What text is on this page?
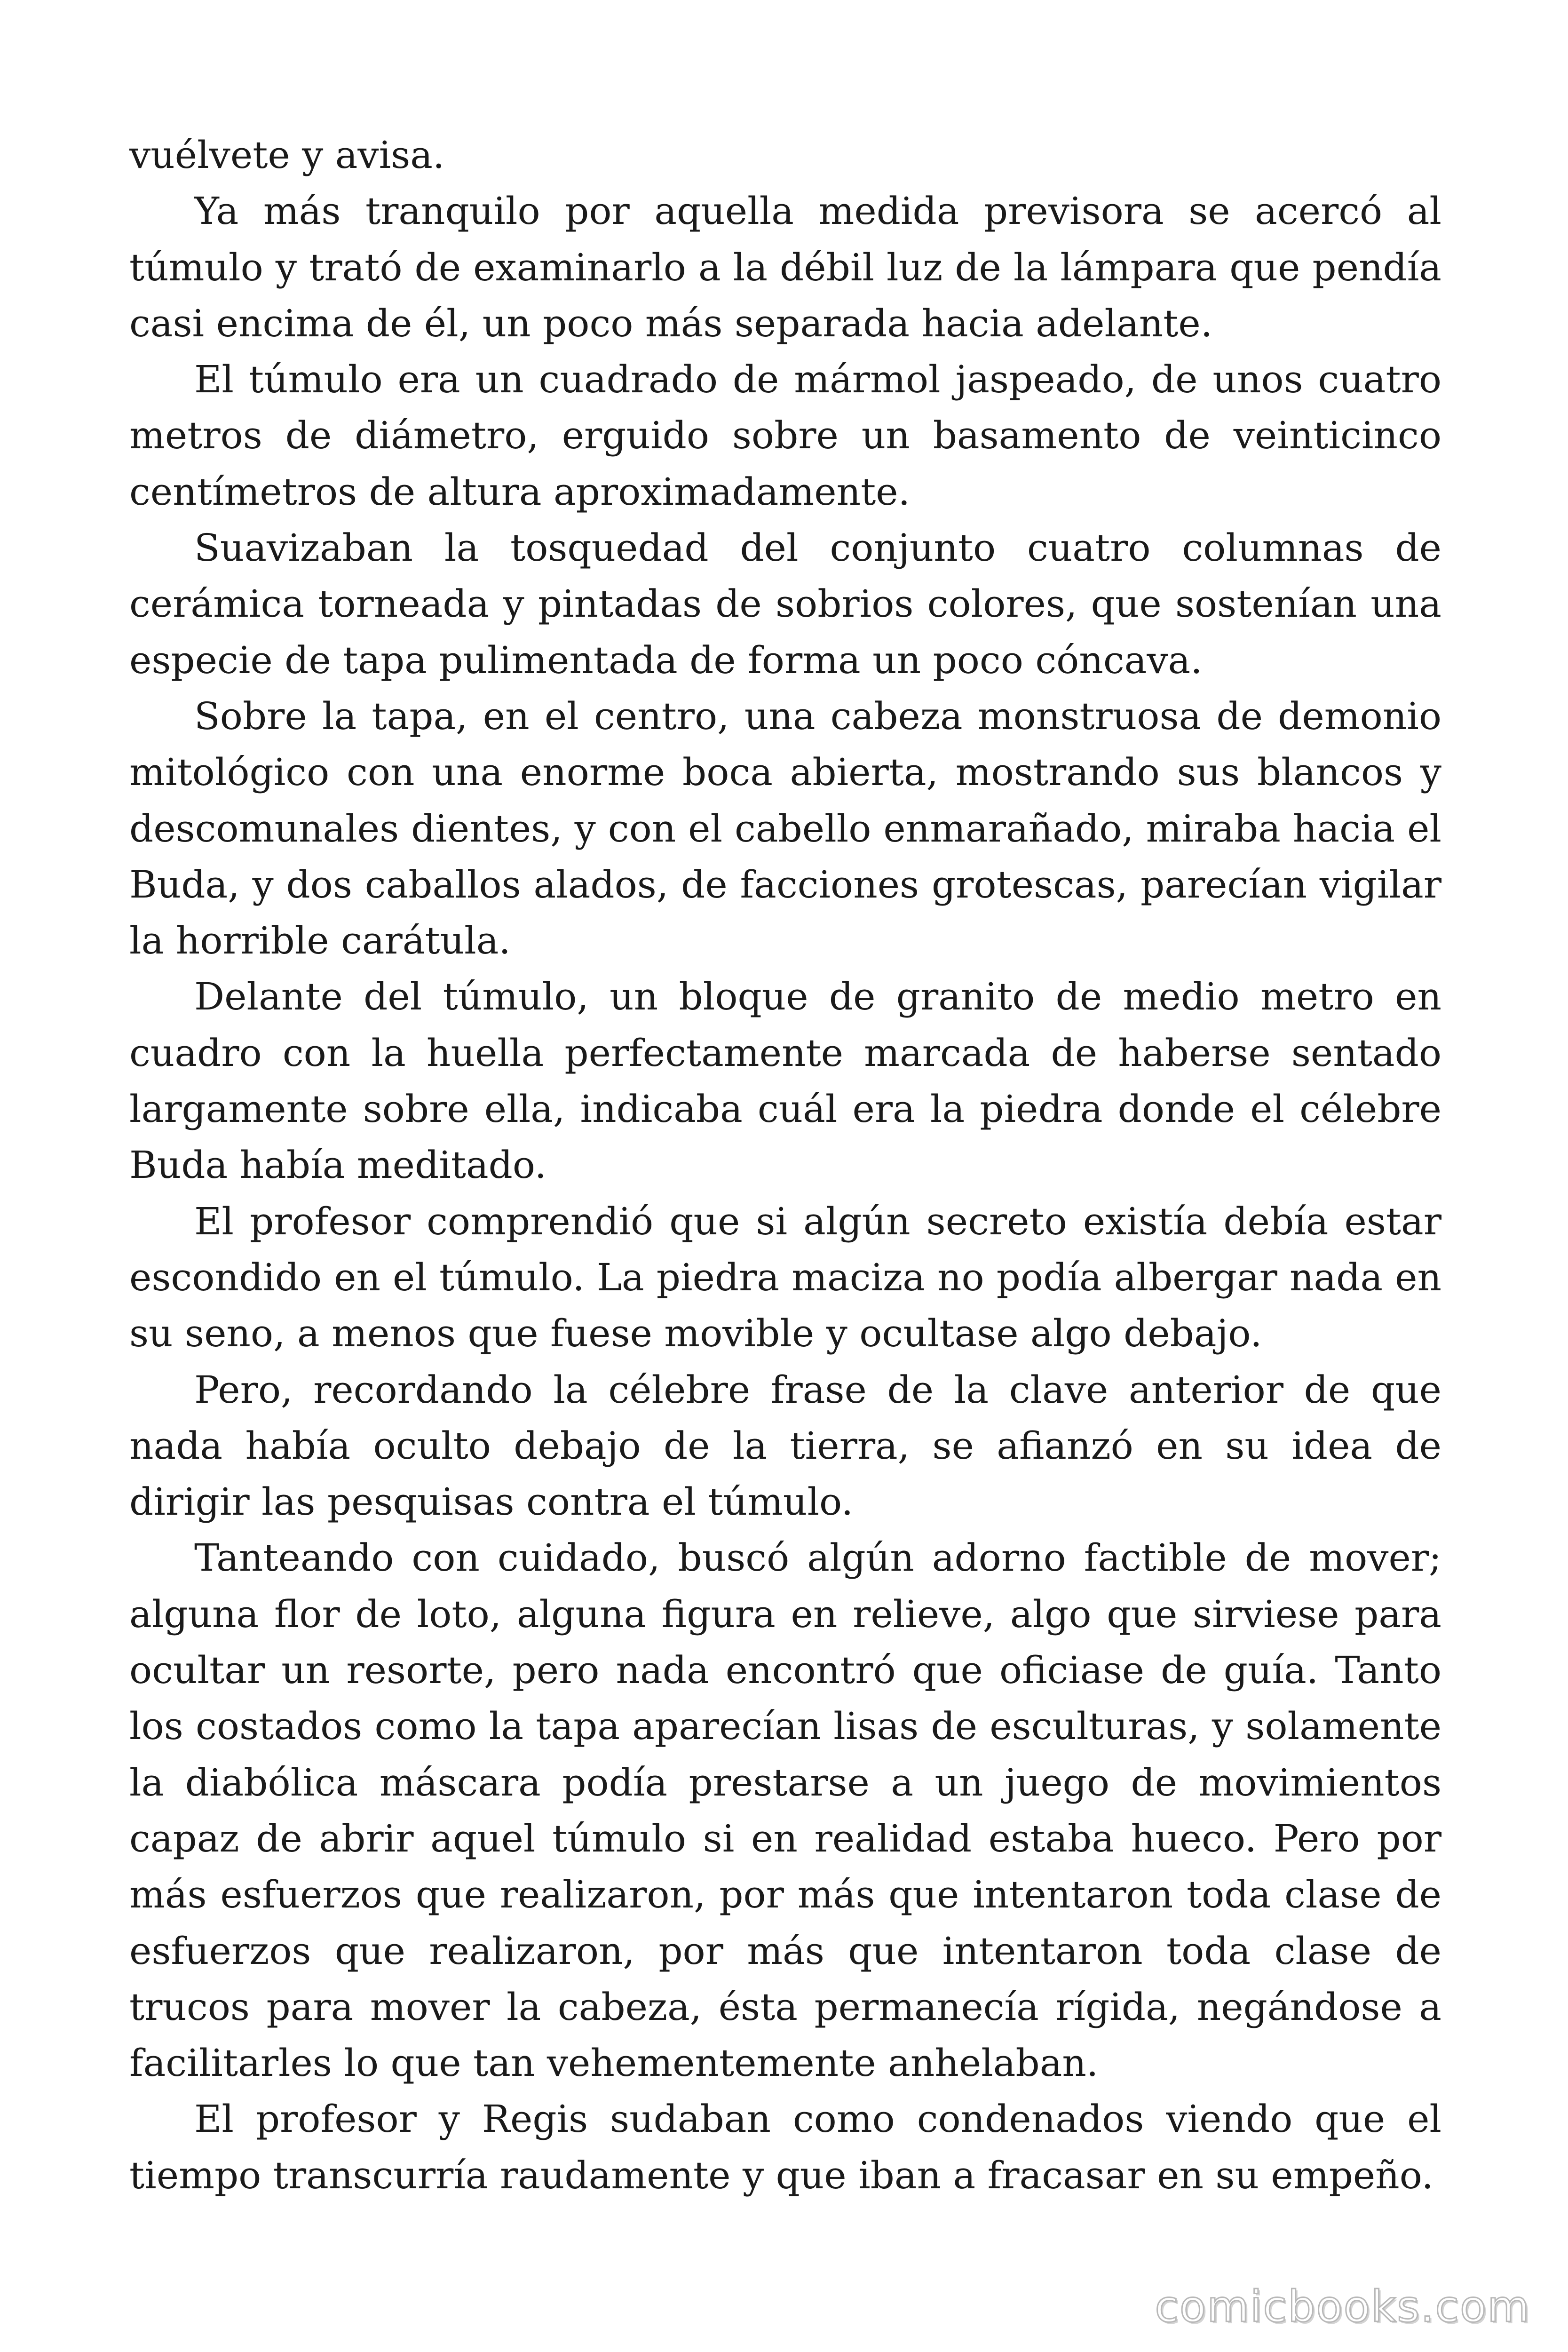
vuélvete y avisa.

Ya más tranquilo por aquella medida previsora se acercó al túmulo y trató de examinarlo a la débil luz de la lámpara que pendía casi encima de él, un poco más separada hacia adelante.

El túmulo era un cuadrado de mármol jaspeado, de unos cuatro metros de diámetro, erguido sobre un basamento de veinticinco centímetros de altura aproximadamente.

Suavizaban la tosquedad del conjunto cuatro columnas de cerámica torneada y pintadas de sobrios colores, que sostenían una especie de tapa pulimentada de forma un poco cóncava.

Sobre la tapa, en el centro, una cabeza monstruosa de demonio mitológico con una enorme boca abierta, mostrando sus blancos y descomunales dientes, y con el cabello enmarañado, miraba hacia el Buda, y dos caballos alados, de facciones grotescas, parecían vigilar la horrible carátula.

Delante del túmulo, un bloque de granito de medio metro en cuadro con la huella perfectamente marcada de haberse sentado largamente sobre ella, indicaba cuál era la piedra donde el célebre Buda había meditado.

El profesor comprendió que si algún secreto existía debía estar escondido en el túmulo. La piedra maciza no podía albergar nada en su seno, a menos que fuese movible y ocultase algo debajo.

Pero, recordando la célebre frase de la clave anterior de que nada había oculto debajo de la tierra, se afianzó en su idea de dirigir las pesquisas contra el túmulo.

Tanteando con cuidado, buscó algún adorno factible de mover; alguna flor de loto, alguna figura en relieve, algo que sirviese para ocultar un resorte, pero nada encontró que oficiase de guía. Tanto los costados como la tapa aparecían lisas de esculturas, y solamente la diabólica máscara podía prestarse a un juego de movimientos capaz de abrir aquel túmulo si en realidad estaba hueco. Pero por más esfuerzos que realizaron, por más que intentaron toda clase de esfuerzos que realizaron, por más que intentaron toda clase de trucos para mover la cabeza, ésta permanecía rígida, negándose a facilitarles lo que tan vehementemente anhelaban.

El profesor y Regis sudaban como condenados viendo que el tiempo transcurría raudamente y que iban a fracasar en su empeño.

comicbooks.com
